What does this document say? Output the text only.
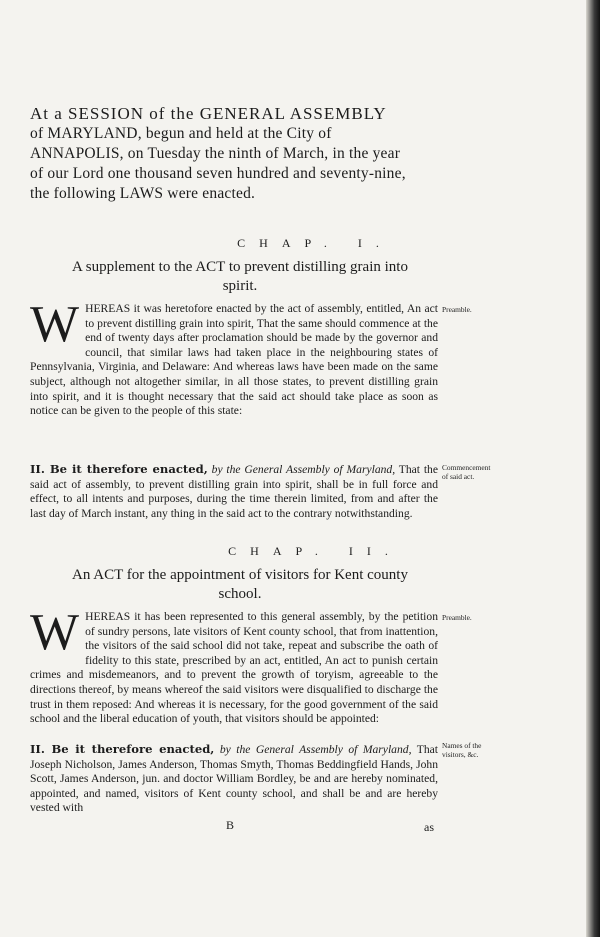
At a SESSION of the GENERAL ASSEMBLY
of MARYLAND, begun and held at the City of
ANNAPOLIS, on Tuesday the ninth of March, in the year
of our Lord one thousand seven hundred and seventy-nine,
the following LAWS were enacted.
CHAP. I.
A supplement to the ACT to prevent distilling grain into
spirit.
WHEREAS it was heretofore enacted by the act of assembly, entitled, An act to prevent distilling grain into spirit, That the same should commence at the end of twenty days after proclamation should be made by the governor and council, that similar laws had taken place in the neighbouring states of Pennsylvania, Virginia, and Delaware: And whereas laws have been made on the same subject, although not altogether similar, in all those states, to prevent distilling grain into spirit, and it is thought necessary that the said act should take place as soon as notice can be given to the people of this state:
Preamble.
II. Be it therefore enacted, by the General Assembly of Maryland, That the said act of assembly, to prevent distilling grain into spirit, shall be in full force and effect, to all intents and purposes, during the time therein limited, from and after the last day of March instant, any thing in the said act to the contrary notwithstanding.
Commencement of said act.
CHAP. II.
An ACT for the appointment of visitors for Kent county
school.
WHEREAS it has been represented to this general assembly, by the petition of sundry persons, late visitors of Kent county school, that from inattention, the visitors of the said school did not take, repeat and subscribe the oath of fidelity to this state, prescribed by an act, entitled, An act to punish certain crimes and misdemeanors, and to prevent the growth of toryism, agreeable to the directions thereof, by means whereof the said visitors were disqualified to discharge the trust in them reposed: And whereas it is necessary, for the good government of the said school and the liberal education of youth, that visitors should be appointed:
Preamble.
II. Be it therefore enacted, by the General Assembly of Maryland, That Joseph Nicholson, James Anderson, Thomas Smyth, Thomas Beddingfield Hands, John Scott, James Anderson, jun. and doctor William Bordley, be and are hereby nominated, appointed, and named, visitors of Kent county school, and shall be and are hereby vested with
Names of the visitors, &c.
B	as
